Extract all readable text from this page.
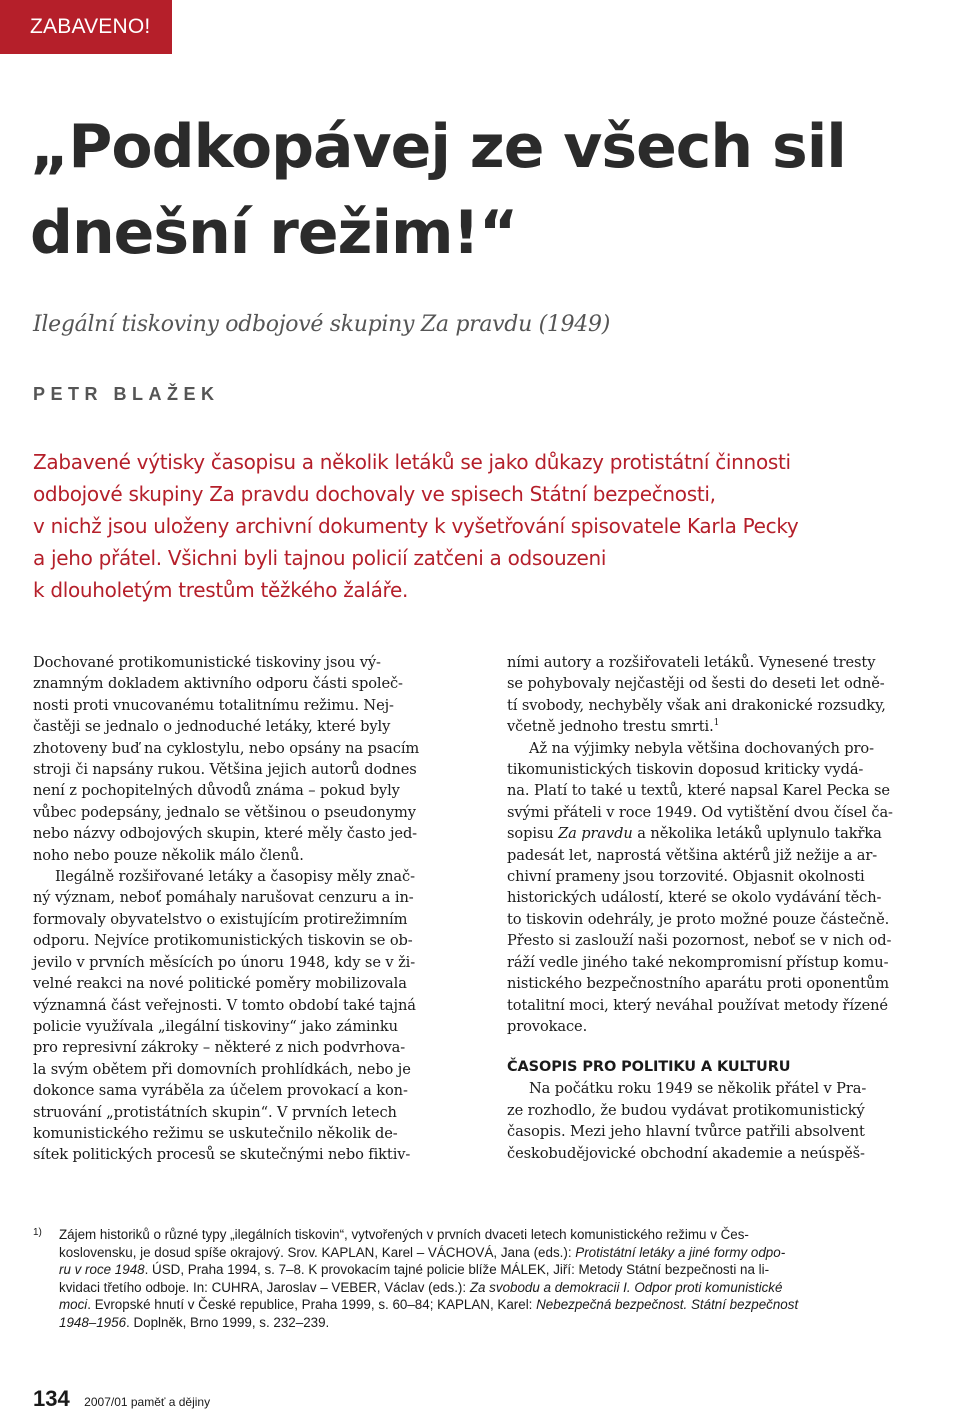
ZABAVENO!
„Podkopávej ze všech sil
dnešní režim!“
Ilegální tiskoviny odbojové skupiny Za pravdu (1949)
PETR BLAŽEK
Zabavené výtisky časopisu a několik letáků se jako důkazy protistátní činnosti
odbojové skupiny Za pravdu dochovaly ve spisech Státní bezpečnosti,
v nichž jsou uloženy archivní dokumenty k vyšetřování spisovatele Karla Pecky
a jeho přátel. Všichni byli tajnou policií zatčeni a odsouzeni
k dlouholetým trestům těžkého žaláře.
Dochované protikomunistické tiskoviny jsou vý-
znamným dokladem aktivního odporu části společ-
nosti proti vnucovanému totalitnímu režimu. Nej-
častěji se jednalo o jednoduché letáky, které byly
zhotoveny buď na cyklostylu, nebo opsány na psacím
stroji či napsány rukou. Většina jejich autorů dodnes
není z pochopitelných důvodů známa – pokud byly
vůbec podepsány, jednalo se většinou o pseudonymy
nebo názvy odbojových skupin, které měly často jed-
noho nebo pouze několik málo členů.
Ilegálně rozšiřované letáky a časopisy měly znač-
ný význam, neboť pomáhaly narušovat cenzuru a in-
formovaly obyvatelstvo o existujícím protirežimním
odporu. Nejvíce protikomunistických tiskovin se ob-
jevilo v prvních měsících po únoru 1948, kdy se v ži-
velné reakci na nové politické poměry mobilizovala
významná část veřejnosti. V tomto období také tajná
policie využívala „ilegální tiskoviny“ jako záminku
pro represivní zákroky – některé z nich podvrhova-
la svým obětem při domovních prohlídkách, nebo je
dokonce sama vyráběla za účelem provokací a kon-
struování „protistátních skupin“. V prvních letech
komunistického režimu se uskutečnilo několik de-
sítek politických procesů se skutečnými nebo fiktiv-
ními autory a rozšiřovateli letáků. Vynesené tresty
se pohybovaly nejčastěji od šesti do deseti let odně-
tí svobody, nechyběly však ani drakonické rozsudky,
včetně jednoho trestu smrti.$^1$
Až na výjimky nebyla většina dochovaných pro-
tikomunistických tiskovin doposud kriticky vydá-
na. Platí to také u textů, které napsal Karel Pecka se
svými přáteli v roce 1949. Od vytištění dvou čísel ča-
sopisu Za pravdu a několika letáků uplynulo takřka
padesát let, naprostá většina aktérů již nežije a ar-
chivní prameny jsou torzovité. Objasnit okolnosti
historických událostí, které se okolo vydávání těch-
to tiskovin odehrály, je proto možné pouze částečně.
Přesto si zaslouží naši pozornost, neboť se v nich od-
ráží vedle jiného také nekompromisní přístup komu-
nistického bezpečnostního aparátu proti oponentům
totalitní moci, který neváhal používat metody řízené
provokace.
ČASOPIS PRO POLITIKU A KULTURU
Na počátku roku 1949 se několik přátel v Pra-
ze rozhodlo, že budou vydávat protikomunistický
časopis. Mezi jeho hlavní tvůrce patřili absolvent
českobudějovické obchodní akademie a neúspěš-
1) Zájem historiků o různé typy „ilegálních tiskovin“, vytvořených v prvních dvaceti letech komunistického režimu v Čes-
koslovensku, je dosud spíše okrajový. Srov. KAPLAN, Karel – VÁCHOVÁ, Jana (eds.): Protistátní letáky a jiné formy odpo-
ru v roce 1948. ÚSD, Praha 1994, s. 7–8. K provokacím tajné policie blíže MÁLEK, Jiří: Metody Státní bezpečnosti na li-
kvidaci třetího odboje. In: CUHRA, Jaroslav – VEBER, Václav (eds.): Za svobodu a demokracii I. Odpor proti komunistické
moci. Evropské hnutí v České republice, Praha 1999, s. 60–84; KAPLAN, Karel: Nebezpečná bezpečnost. Státní bezpečnost
1948–1956. Doplněk, Brno 1999, s. 232–239.
134 2007/01 paměť a dějiny
